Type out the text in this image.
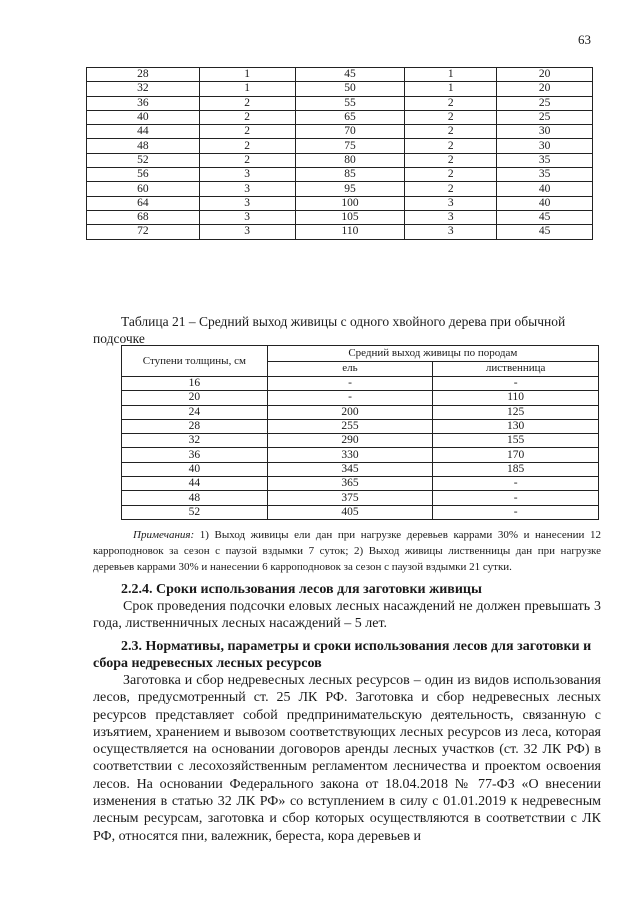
63
28	1	45	1	20
32	1	50	1	20
36	2	55	2	25
40	2	65	2	25
44	2	70	2	30
48	2	75	2	30
52	2	80	2	35
56	3	85	2	35
60	3	95	2	40
64	3	100	3	40
68	3	105	3	45
72	3	110	3	45
Таблица 21 – Средний выход живицы с одного хвойного дерева при обычной
подсочке
Ступени толщины, см	Средний выход живицы по породам	
	ель	лиственница
16	-	-
20	-	110
24	200	125
28	255	130
32	290	155
36	330	170
40	345	185
44	365	-
48	375	-
52	405	-
Примечания: 1) Выход живицы ели дан при нагрузке деревьев каррами 30% и нанесении 12 карроподновок за сезон с паузой вздымки 7 суток; 2) Выход живицы лиственницы дан при нагрузке деревьев каррами 30% и нанесении 6 карроподновок за сезон с паузой вздымки 21 сутки.
2.2.4. Сроки использования лесов для заготовки живицы
Срок проведения подсочки еловых лесных насаждений не должен превышать 3 года, лиственничных лесных насаждений – 5 лет.
2.3. Нормативы, параметры и сроки использования лесов для заготовки и сбора недревесных лесных ресурсов
Заготовка и сбор недревесных лесных ресурсов – один из видов использования лесов, предусмотренный ст. 25 ЛК РФ. Заготовка и сбор недревесных лесных ресурсов представляет собой предпринимательскую деятельность, связанную с изъятием, хранением и вывозом соответствующих лесных ресурсов из леса, которая осуществляется на основании договоров аренды лесных участков (ст. 32 ЛК РФ) в соответствии с лесохозяйственным регламентом лесничества и проектом освоения лесов. На основании Федерального закона от 18.04.2018 № 77-ФЗ «О внесении изменения в статью 32 ЛК РФ» со вступлением в силу с 01.01.2019 к недревесным лесным ресурсам, заготовка и сбор которых осуществляются в соответствии с ЛК РФ, относятся пни, валежник, береста, кора деревьев и
